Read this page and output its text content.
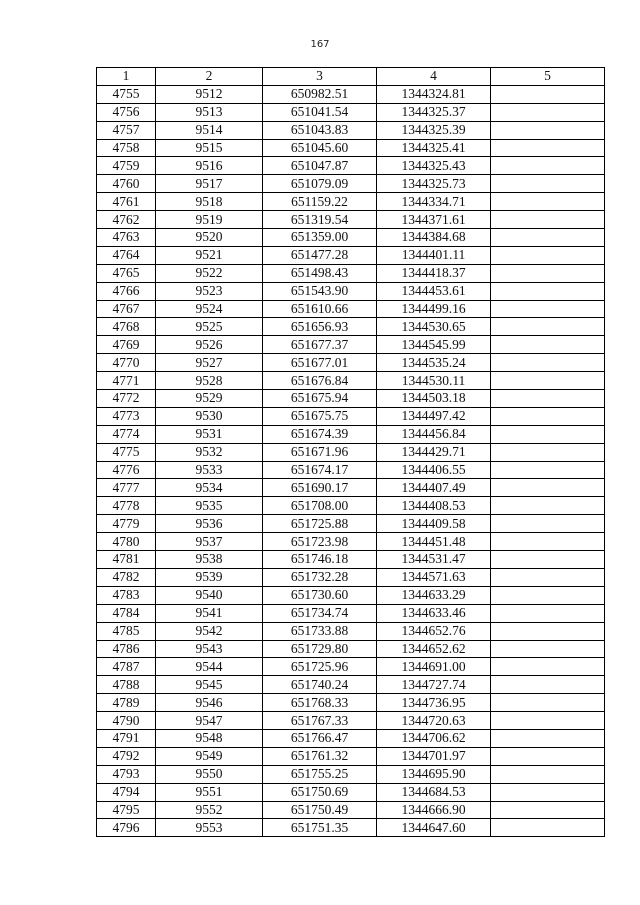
167
1	2	3	4	5
4755	9512	650982.51	1344324.81	
4756	9513	651041.54	1344325.37	
4757	9514	651043.83	1344325.39	
4758	9515	651045.60	1344325.41	
4759	9516	651047.87	1344325.43	
4760	9517	651079.09	1344325.73	
4761	9518	651159.22	1344334.71	
4762	9519	651319.54	1344371.61	
4763	9520	651359.00	1344384.68	
4764	9521	651477.28	1344401.11	
4765	9522	651498.43	1344418.37	
4766	9523	651543.90	1344453.61	
4767	9524	651610.66	1344499.16	
4768	9525	651656.93	1344530.65	
4769	9526	651677.37	1344545.99	
4770	9527	651677.01	1344535.24	
4771	9528	651676.84	1344530.11	
4772	9529	651675.94	1344503.18	
4773	9530	651675.75	1344497.42	
4774	9531	651674.39	1344456.84	
4775	9532	651671.96	1344429.71	
4776	9533	651674.17	1344406.55	
4777	9534	651690.17	1344407.49	
4778	9535	651708.00	1344408.53	
4779	9536	651725.88	1344409.58	
4780	9537	651723.98	1344451.48	
4781	9538	651746.18	1344531.47	
4782	9539	651732.28	1344571.63	
4783	9540	651730.60	1344633.29	
4784	9541	651734.74	1344633.46	
4785	9542	651733.88	1344652.76	
4786	9543	651729.80	1344652.62	
4787	9544	651725.96	1344691.00	
4788	9545	651740.24	1344727.74	
4789	9546	651768.33	1344736.95	
4790	9547	651767.33	1344720.63	
4791	9548	651766.47	1344706.62	
4792	9549	651761.32	1344701.97	
4793	9550	651755.25	1344695.90	
4794	9551	651750.69	1344684.53	
4795	9552	651750.49	1344666.90	
4796	9553	651751.35	1344647.60	
